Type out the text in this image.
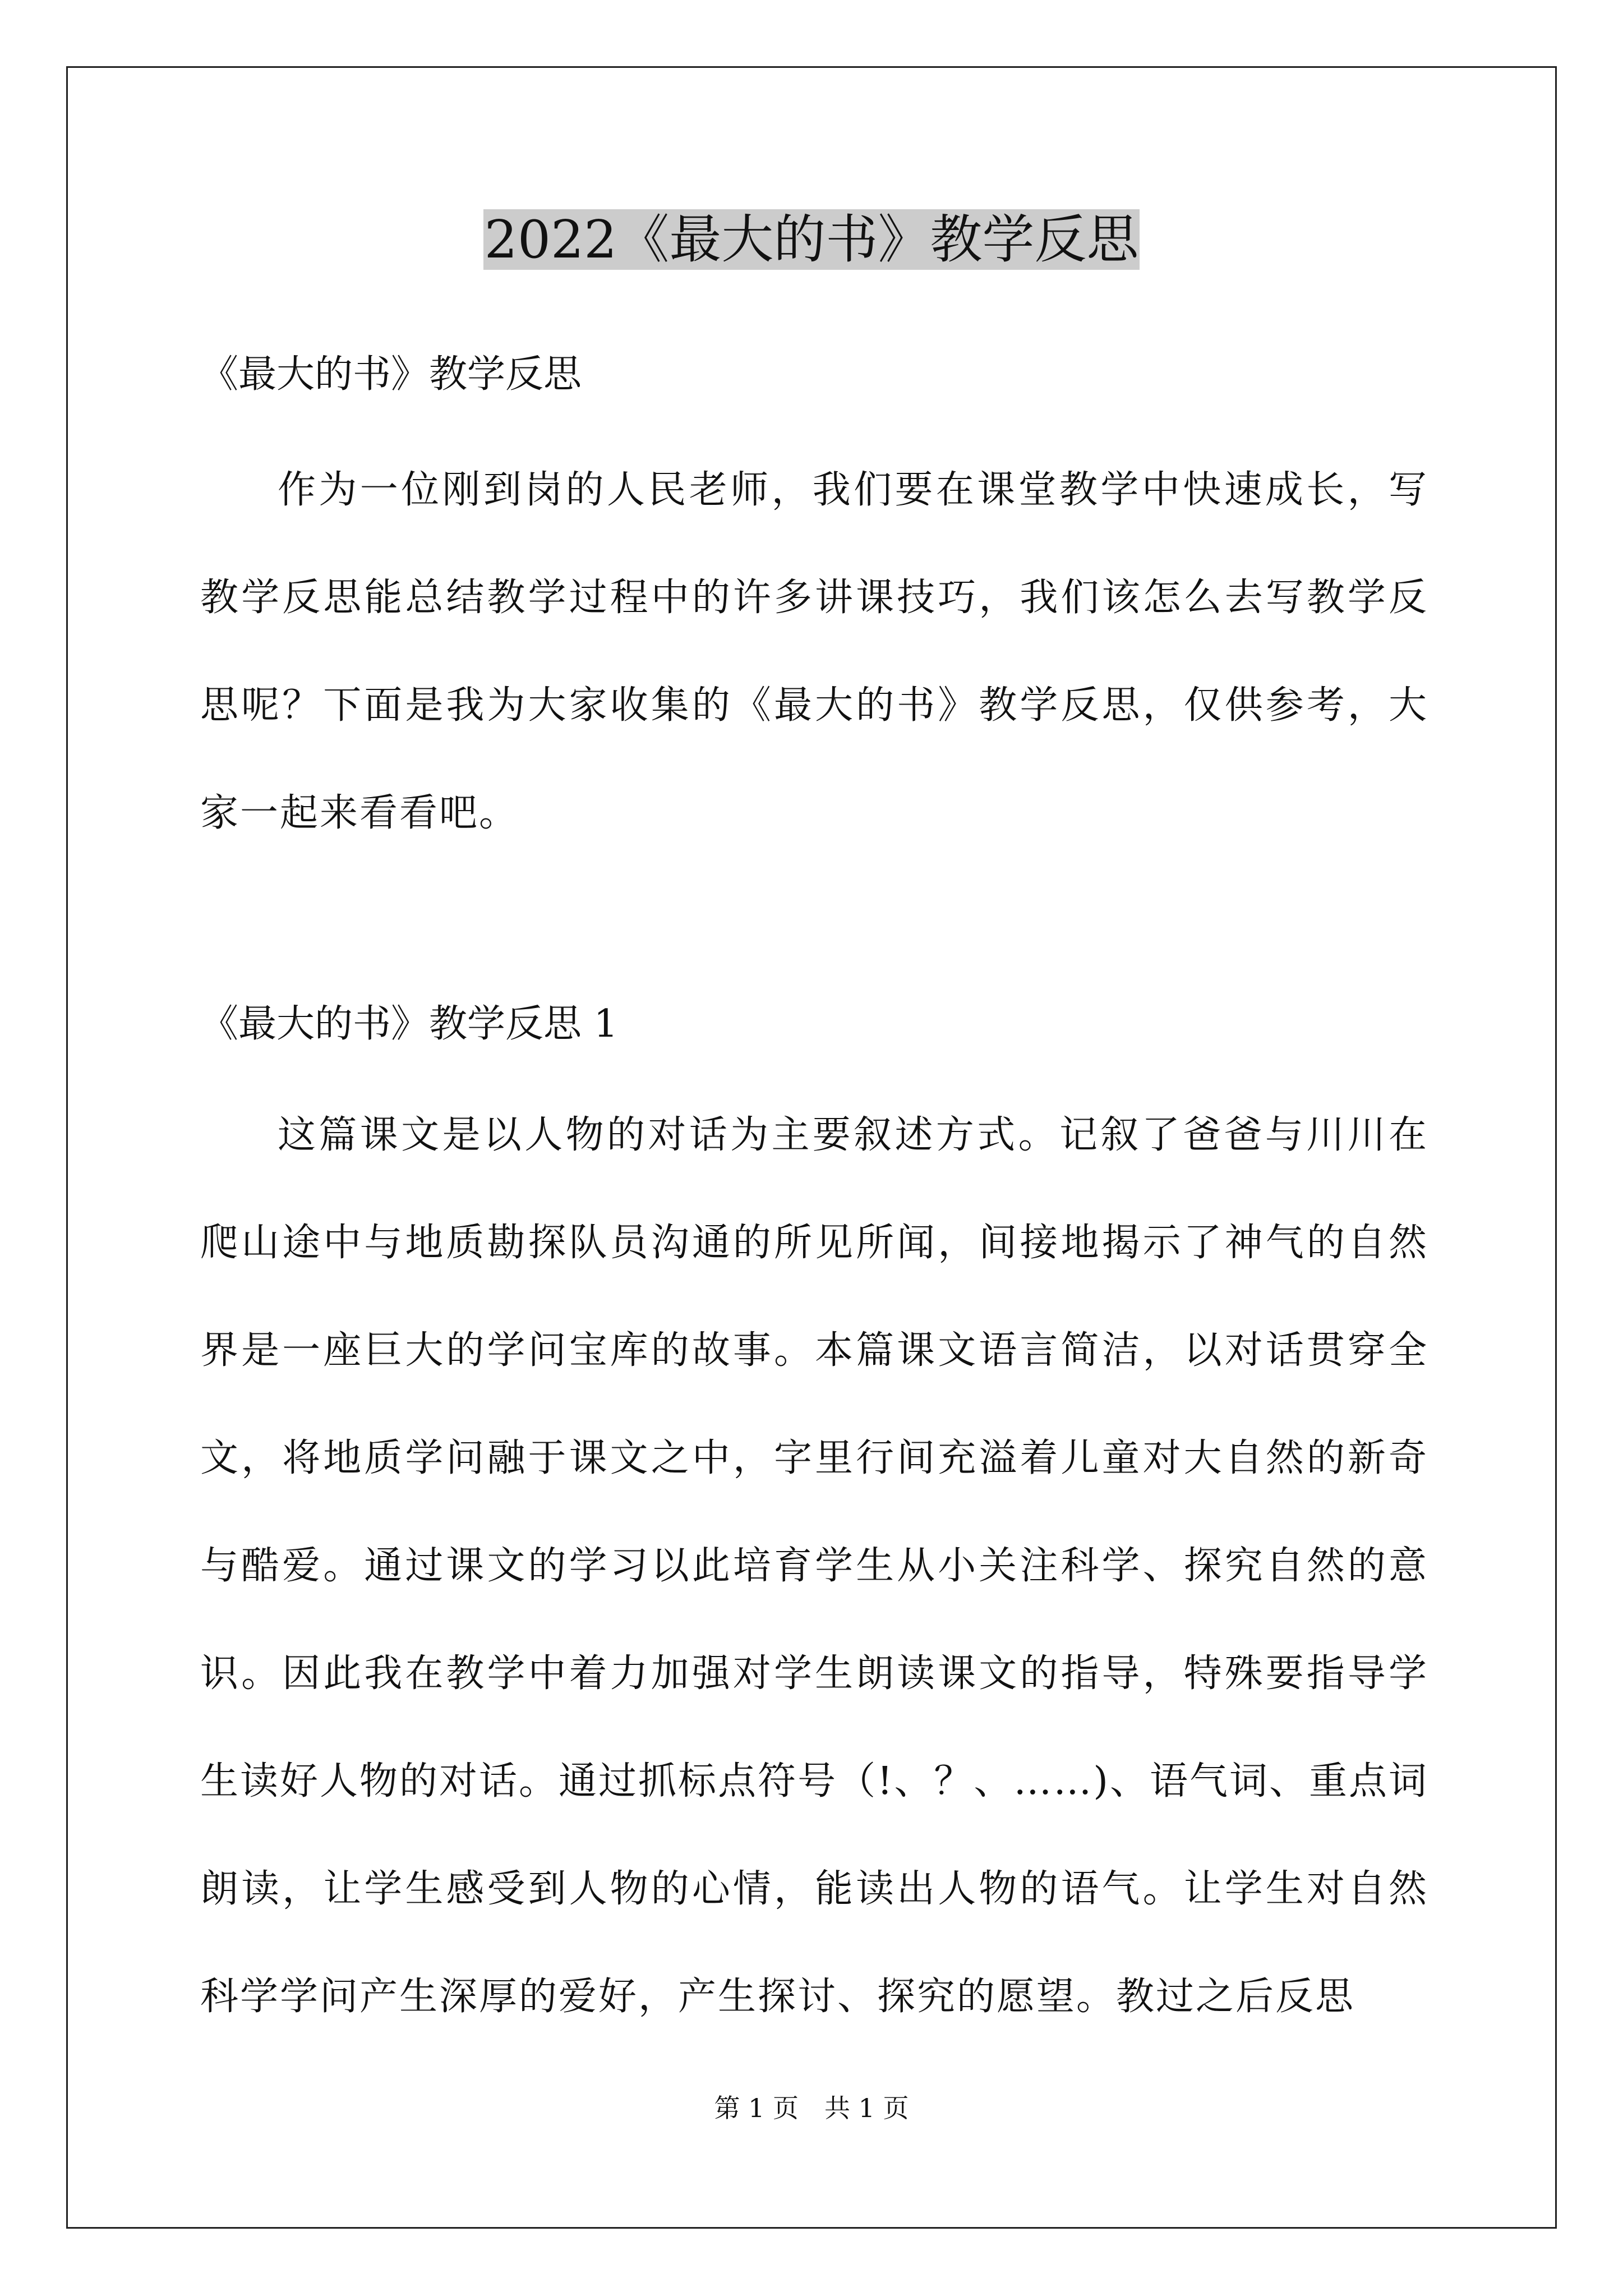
2022《最大的书》教学反思
《最大的书》教学反思

作为一位刚到岗的人民老师，我们要在课堂教学中快速成长，写教学反思能总结教学过程中的许多讲课技巧，我们该怎么去写教学反思呢？下面是我为大家收集的《最大的书》教学反思，仅供参考，大家一起来看看吧。

《最大的书》教学反思 1

这篇课文是以人物的对话为主要叙述方式。记叙了爸爸与川川在爬山途中与地质勘探队员沟通的所见所闻，间接地揭示了神气的自然界是一座巨大的学问宝库的故事。本篇课文语言简洁，以对话贯穿全文，将地质学问融于课文之中，字里行间充溢着儿童对大自然的新奇与酷爱。通过课文的学习以此培育学生从小关注科学、探究自然的意识。因此我在教学中着力加强对学生朗读课文的指导，特殊要指导学生读好人物的对话。通过抓标点符号（!、？、……)、语气词、重点词朗读，让学生感受到人物的心情，能读出人物的语气。让学生对自然科学学问产生深厚的爱好，产生探讨、探究的愿望。教过之后反思

第 1 页　共 1 页
